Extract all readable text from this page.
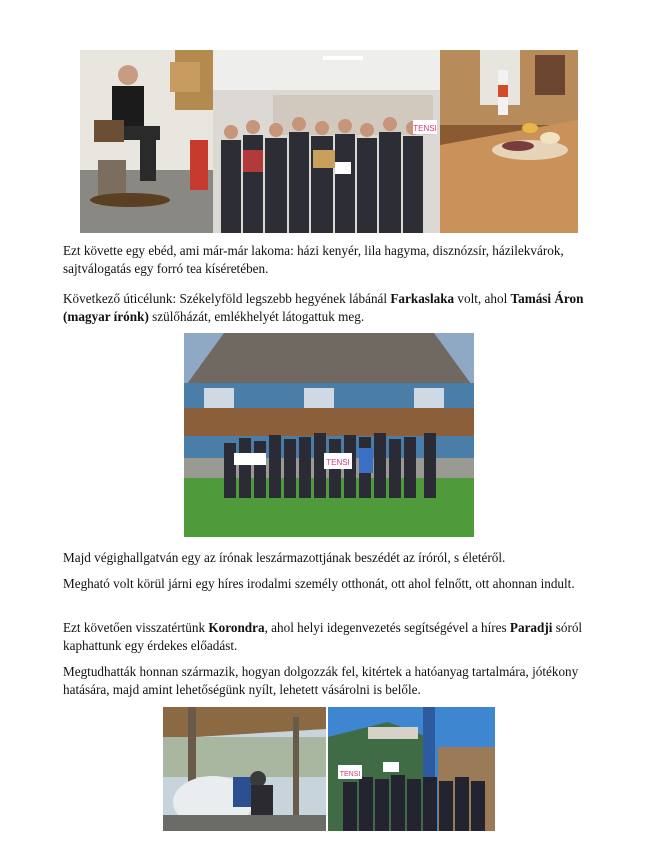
TENSI

Ezt követte egy ebéd, ami már-már lakoma: házi kenyér, lila hagyma, disznózsír, házilekvárok, sajtválogatás egy forró tea kíséretében.

Következő úticélunk: Székelyföld legszebb hegyének lábánál Farkaslaka volt, ahol Tamási Áron (magyar írónk) szülőházát, emlékhelyét látogattuk meg.

TENSI

Majd végighallgatván egy az írónak leszármazottjának beszédét az íróról, s életéről.

Megható volt körül járni egy híres irodalmi személy otthonát, ott ahol felnőtt, ott ahonnan indult.

Ezt követően visszatértünk Korondra, ahol helyi idegenvezetés segítségével a híres Paradji sóról kaphattunk egy érdekes előadást.

Megtudhatták honnan származik, hogyan dolgozzák fel, kitértek a hatóanyag tartalmára, jótékony hatására, majd amint lehetőségünk nyílt, lehetett vásárolni is belőle.

TENSI
